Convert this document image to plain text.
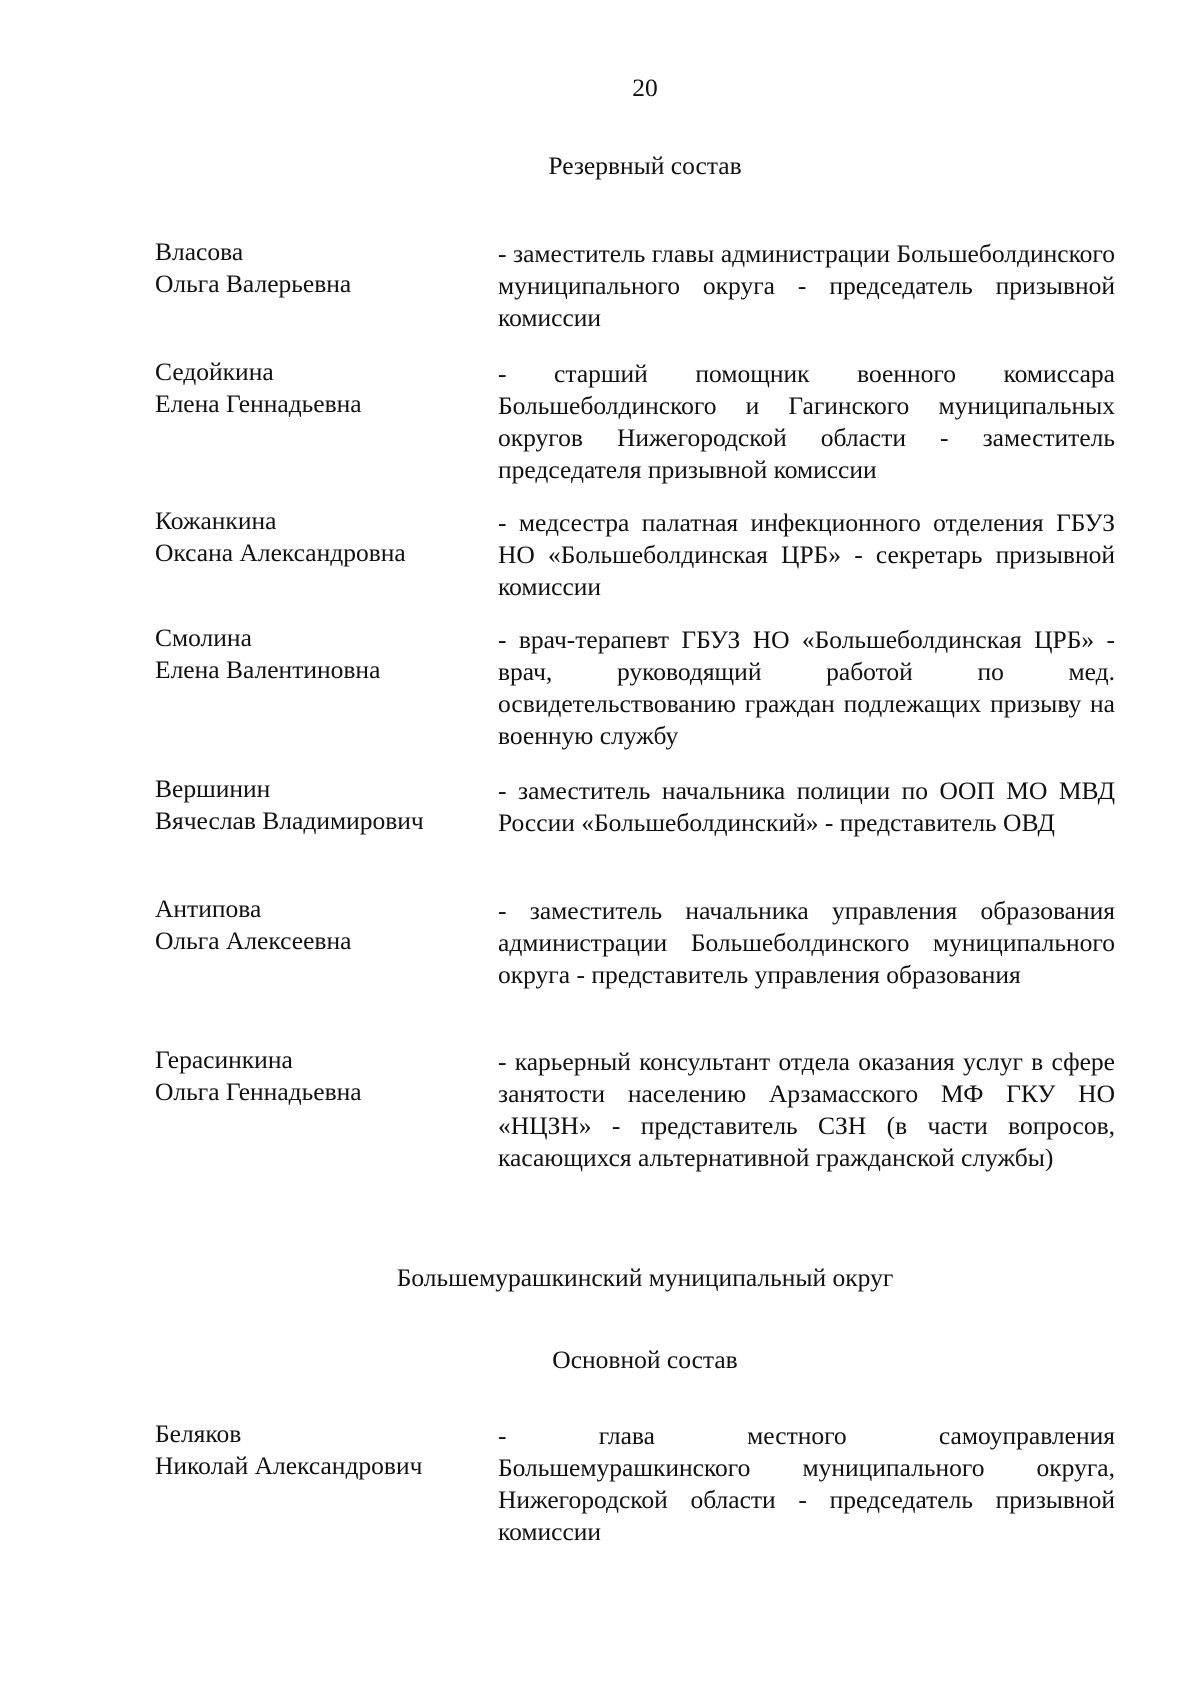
20
Резервный состав
Власова
Ольга Валерьевна
- заместитель главы администрации Большеболдинского муниципального округа - председатель призывной комиссии
Седойкина
Елена Геннадьевна
- старший помощник военного комиссара Большеболдинского и Гагинского муниципальных округов Нижегородской области - заместитель председателя призывной комиссии
Кожанкина
Оксана Александровна
- медсестра палатная инфекционного отделения ГБУЗ НО «Большеболдинская ЦРБ» - секретарь призывной комиссии
Смолина
Елена Валентиновна
- врач-терапевт ГБУЗ НО «Большеболдинская ЦРБ» - врач, руководящий работой по мед. освидетельствованию граждан подлежащих призыву на военную службу
Вершинин
Вячеслав Владимирович
- заместитель начальника полиции по ООП МО МВД России «Большеболдинский» - представитель ОВД
Антипова
Ольга Алексеевна
- заместитель начальника управления образования администрации Большеболдинского муниципального округа - представитель управления образования
Герасинкина
Ольга Геннадьевна
- карьерный консультант отдела оказания услуг в сфере занятости населению Арзамасского МФ ГКУ НО «НЦЗН» - представитель СЗН (в части вопросов, касающихся альтернативной гражданской службы)
Большемурашкинский муниципальный округ
Основной состав
Беляков
Николай Александрович
- глава местного самоуправления Большемурашкинского муниципального округа, Нижегородской области - председатель призывной комиссии
